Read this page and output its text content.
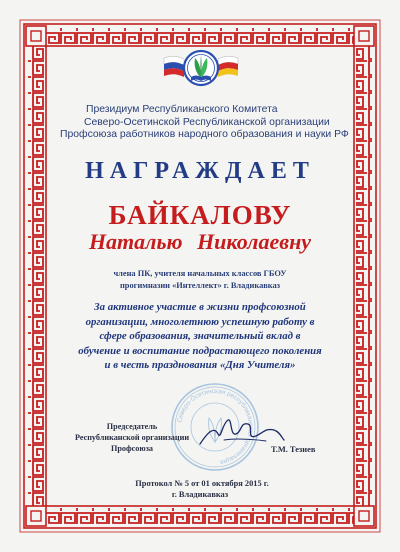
Президиум Республиканского Комитета
Северо-Осетинской Республиканской организации
Профсоюза работников народного образования и науки РФ
НАГРАЖДАЕТ
БАЙКАЛОВУ
Наталью Николаевну
члена ПК, учителя начальных классов ГБОУ
прогимназии «Интеллект» г. Владикавказ
За активное участие в жизни профсоюзной
организации, многолетнюю успешную работу в
сфере образования, значительный вклад в
обучение и воспитание подрастающего поколения
и в честь празднования «Дня Учителя»
Северо-Осетинская республиканская организация
Председатель
Республиканской организации
Профсоюза	Т.М. Тезиев
Протокол № 5 от 01 октября 2015 г.
г. Владикавказ
